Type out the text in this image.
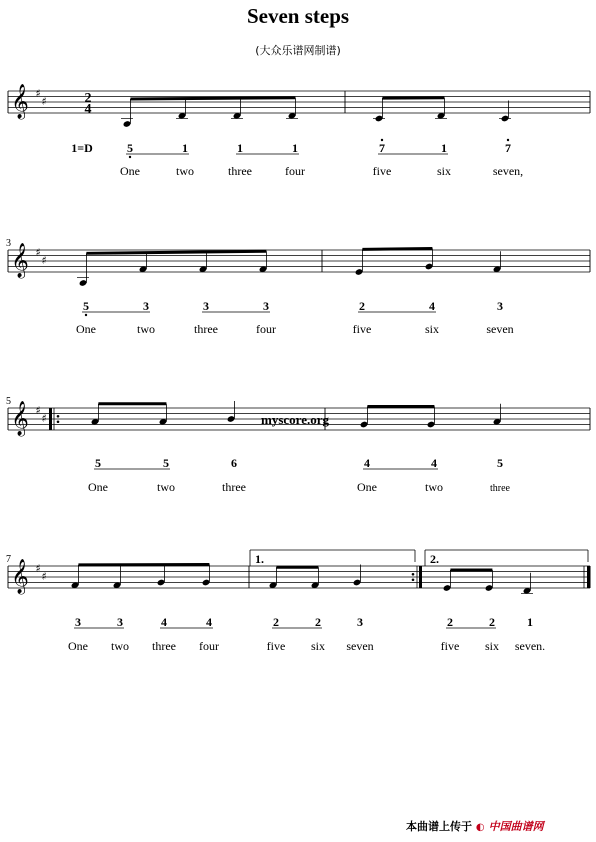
Seven steps
(大众乐谱网制谱)
𝄞 ♯
♯	2
4
1=D	5	1	1	1	7	1	7
One	two	three	four	five	six	seven,
𝄞 ♯
♯
3
5	3	3	3	2	4	3
One	two	three	four	five	six	seven
𝄞 ♯
♯
5
myscore.org
5	5	6	4	4	5
One	two	three	One	two	three
𝄞 ♯
♯
7	1.	2.
3	3	4	4	2	2	3	2	2	1
One two three four	five six seven	five six seven.
本曲谱上传于 ◐ 中国曲谱网
